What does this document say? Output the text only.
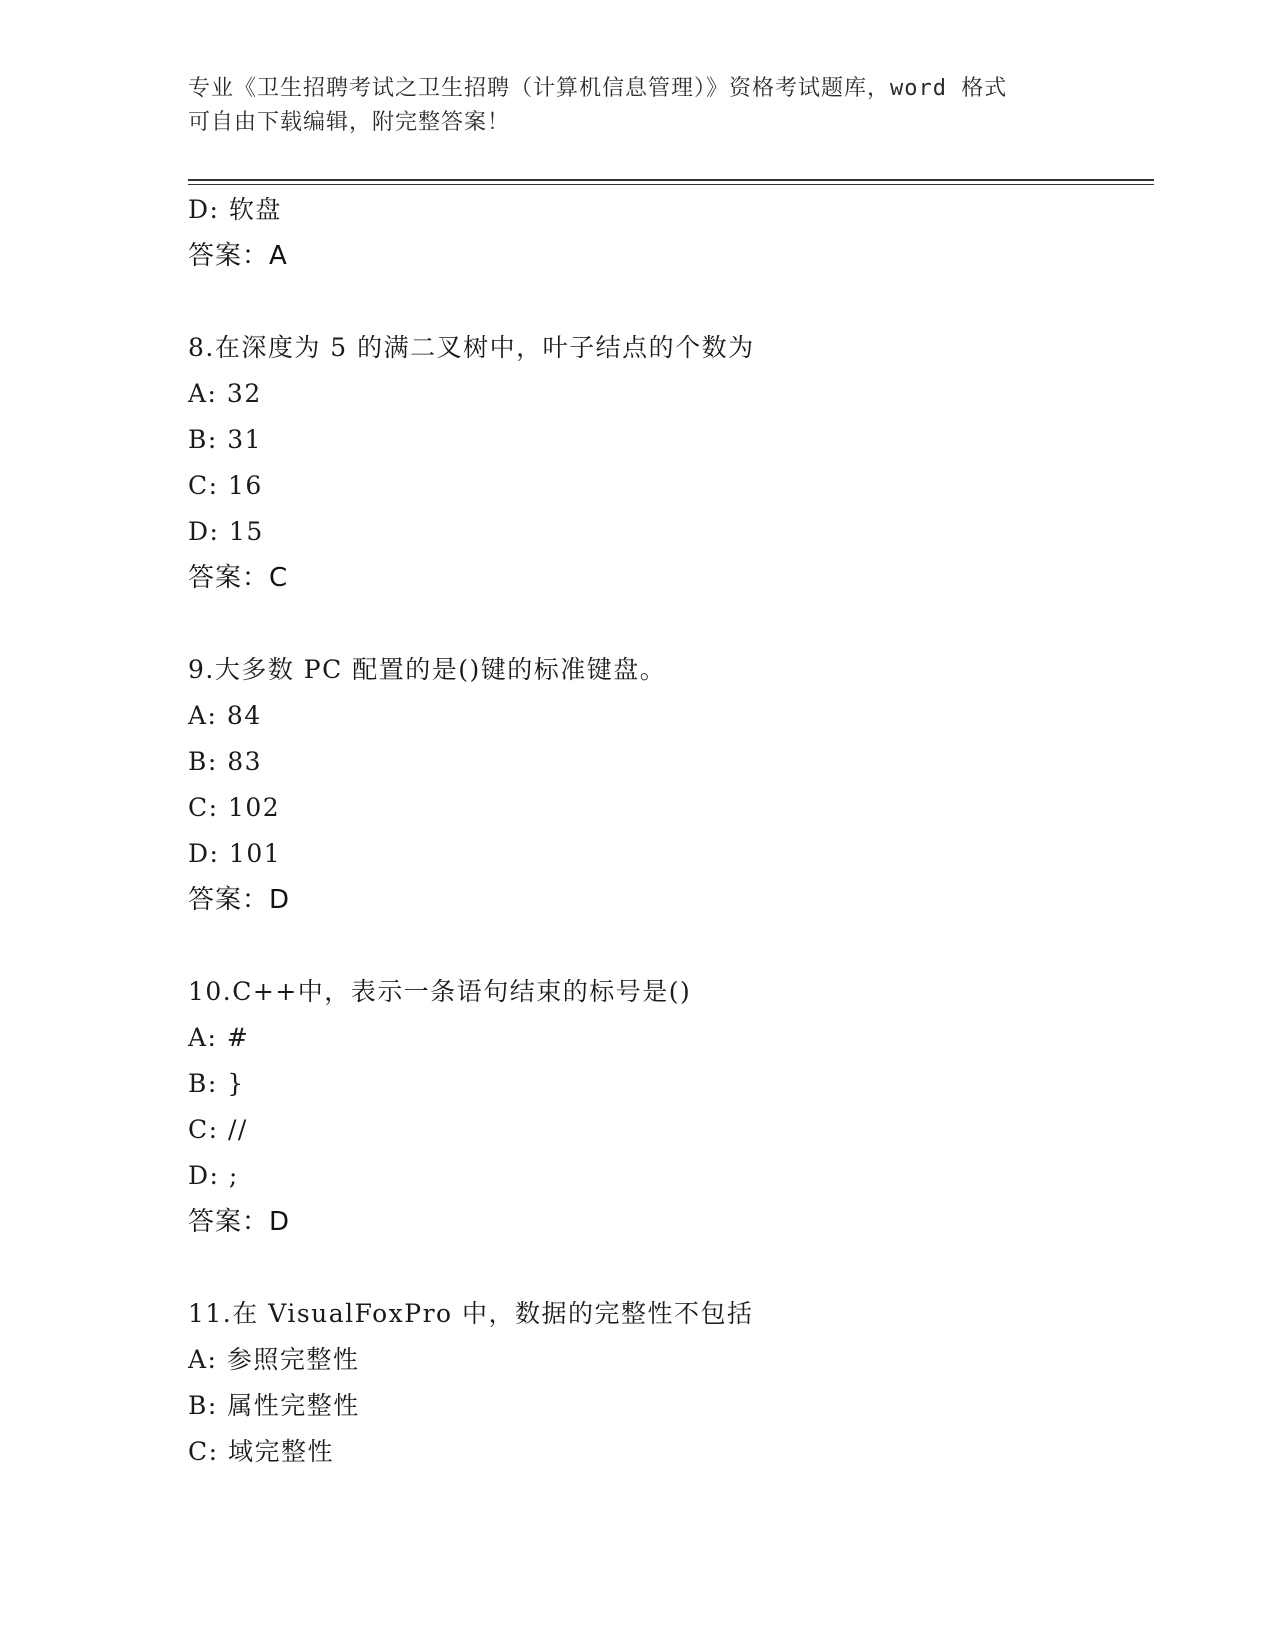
专业《卫生招聘考试之卫生招聘（计算机信息管理）》资格考试题库，word 格式
可自由下载编辑，附完整答案！
D: 软盘
答案：A
8.在深度为 5 的满二叉树中，叶子结点的个数为
A: 32
B: 31
C: 16
D: 15
答案：C
9.大多数 PC 配置的是()键的标准键盘。
A: 84
B: 83
C: 102
D: 101
答案：D
10.C++中，表示一条语句结束的标号是()
A: #
B: }
C: //
D: ;
答案：D
11.在 VisualFoxPro 中，数据的完整性不包括
A: 参照完整性
B: 属性完整性
C: 域完整性
